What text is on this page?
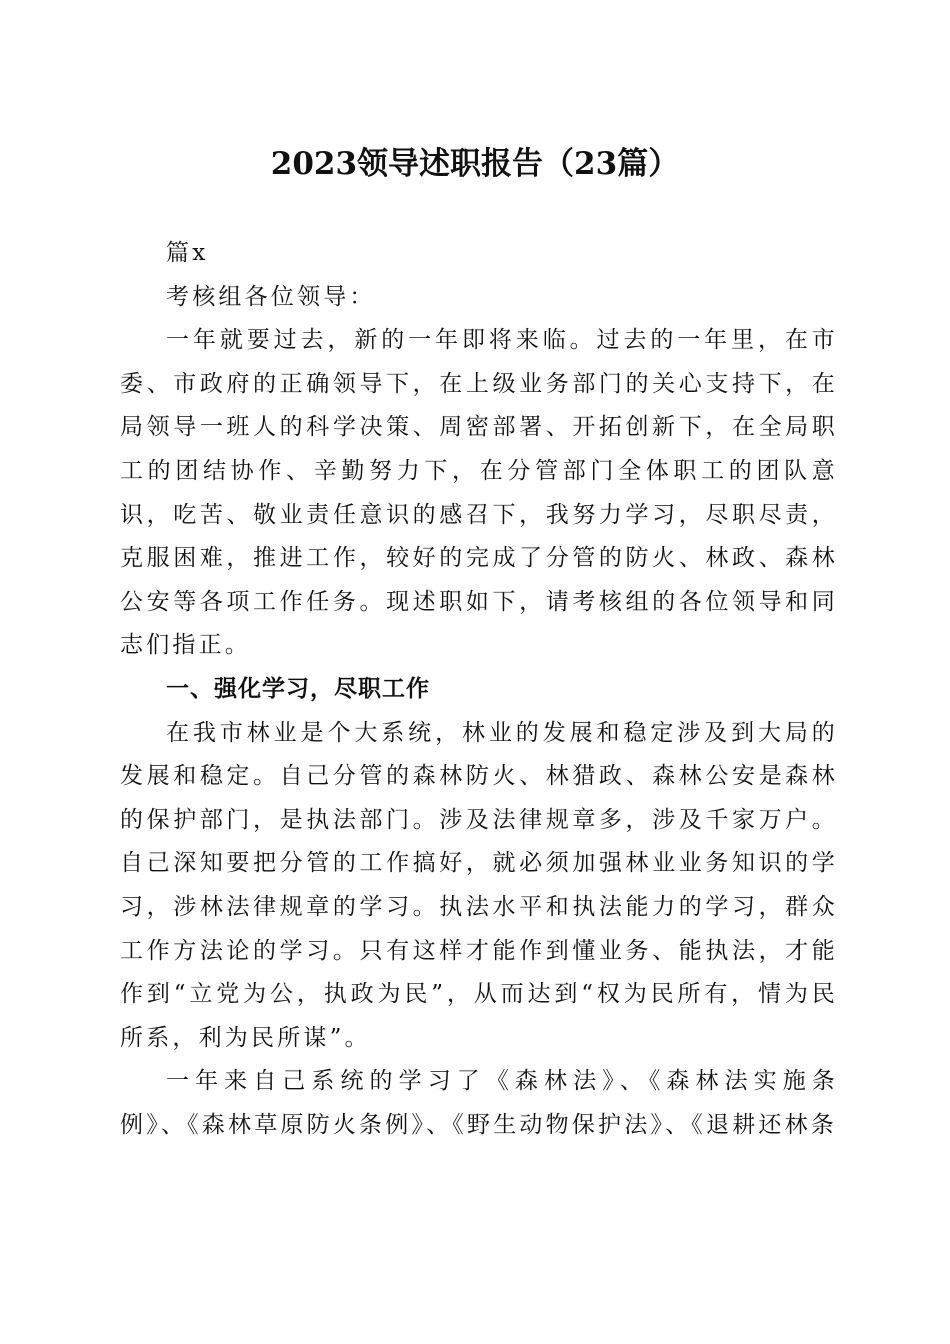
2023领导述职报告（23篇）

篇x

考核组各位领导：

一年就要过去，新的一年即将来临。过去的一年里，在市委、市政府的正确领导下，在上级业务部门的关心支持下，在局领导一班人的科学决策、周密部署、开拓创新下，在全局职工的团结协作、辛勤努力下，在分管部门全体职工的团队意识，吃苦、敬业责任意识的感召下，我努力学习，尽职尽责，克服困难，推进工作，较好的完成了分管的防火、林政、森林公安等各项工作任务。现述职如下，请考核组的各位领导和同志们指正。

一、强化学习，尽职工作

在我市林业是个大系统，林业的发展和稳定涉及到大局的发展和稳定。自己分管的森林防火、林猎政、森林公安是森林的保护部门，是执法部门。涉及法律规章多，涉及千家万户。自己深知要把分管的工作搞好，就必须加强林业业务知识的学习，涉林法律规章的学习。执法水平和执法能力的学习，群众工作方法论的学习。只有这样才能作到懂业务、能执法，才能作到“立党为公，执政为民”，从而达到“权为民所有，情为民所系，利为民所谋”。

一年来自己系统的学习了《森林法》、《森林法实施条例》、《森林草原防火条例》、《野生动物保护法》、《退耕还林条
